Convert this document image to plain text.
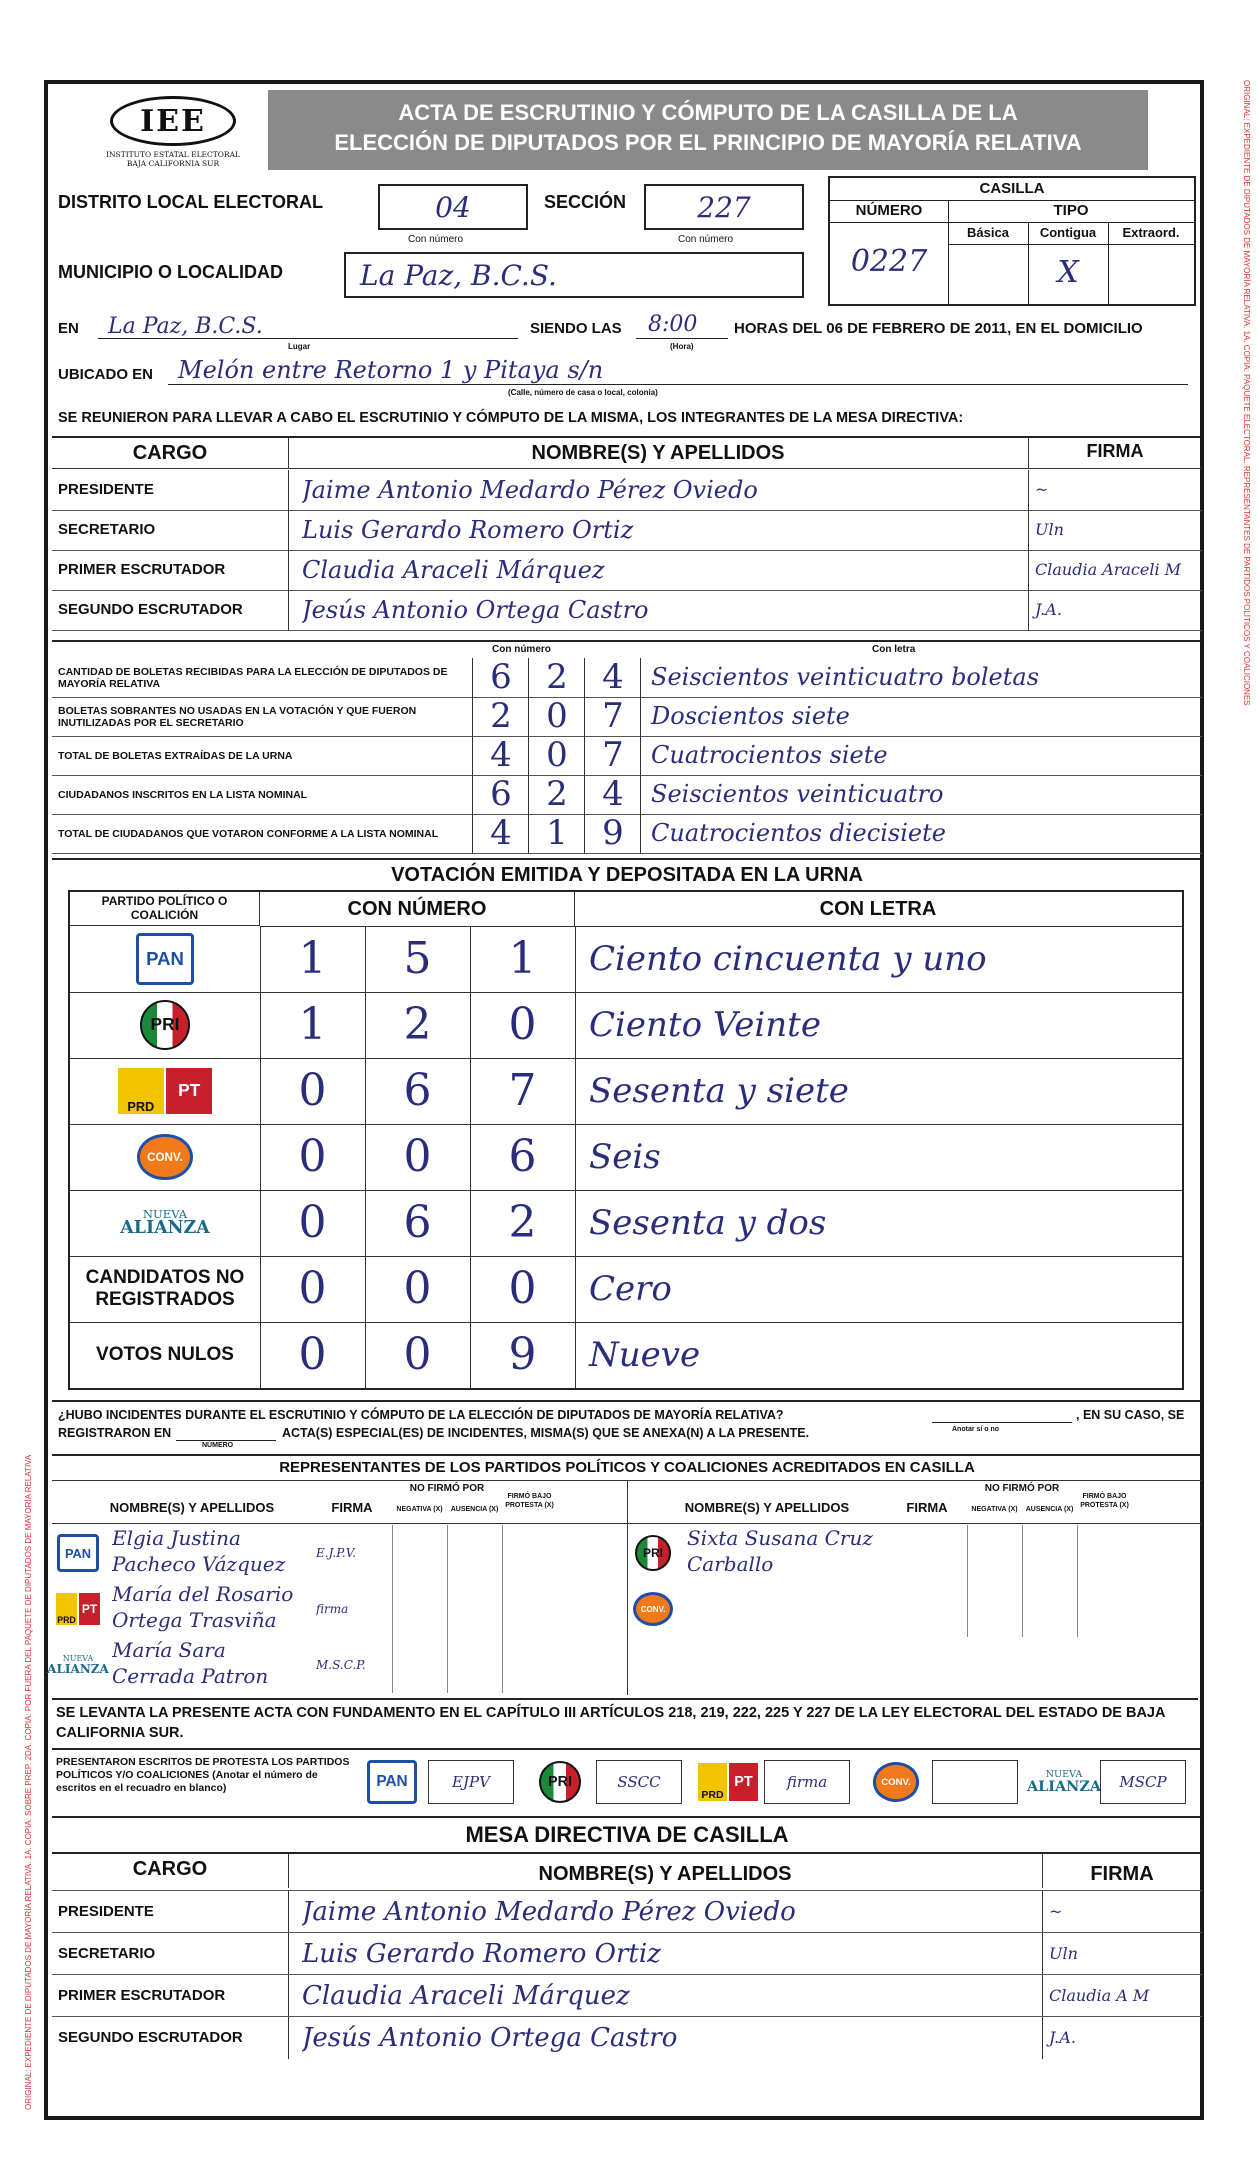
ORIGINAL: EXPEDIENTE DE DIPUTADOS DE MAYORÍA RELATIVA. 1A. COPIA: PAQUETE ELECTORAL. REPRESENTANTES DE PARTIDOS POLÍTICOS Y COALICIONES
ORIGINAL: EXPEDIENTE DE DIPUTADOS DE MAYORÍA RELATIVA. 1A. COPIA: SOBRE PREP. 2DA. COPIA: POR FUERA DEL PAQUETE DE DIPUTADOS DE MAYORÍA RELATIVA
IEE
INSTITUTO ESTATAL ELECTORAL
BAJA CALIFORNIA SUR
ACTA DE ESCRUTINIO Y CÓMPUTO DE LA CASILLA DE LA
ELECCIÓN DE DIPUTADOS POR EL PRINCIPIO DE MAYORÍA RELATIVA
DISTRITO LOCAL ELECTORAL	04
Con número
SECCIÓN	227
Con número
MUNICIPIO O LOCALIDAD	La Paz, B.C.S.
CASILLA
NÚMERO	TIPO
Básica	Contigua	Extraord.
0227	X
EN La Paz, B.C.S.
Lugar
SIENDO LAS 8:00
(Hora)
HORAS DEL 06 DE FEBRERO DE 2011, EN EL DOMICILIO
UBICADO EN Melón entre Retorno 1 y Pitaya s/n
(Calle, número de casa o local, colonia)
SE REUNIERON PARA LLEVAR A CABO EL ESCRUTINIO Y CÓMPUTO DE LA MISMA, LOS INTEGRANTES DE LA MESA DIRECTIVA:
CARGO	NOMBRE(S) Y APELLIDOS	FIRMA
PRESIDENTE	Jaime Antonio Medardo Pérez Oviedo	~
SECRETARIO	Luis Gerardo Romero Ortiz	Uln
PRIMER ESCRUTADOR	Claudia Araceli Márquez	Claudia Araceli M
SEGUNDO ESCRUTADOR	Jesús Antonio Ortega Castro	J.A.
Con número	Con letra
CANTIDAD DE BOLETAS RECIBIDAS PARA LA ELECCIÓN DE DIPUTADOS DE MAYORÍA RELATIVA	6	2	4	Seiscientos veinticuatro boletas
BOLETAS SOBRANTES NO USADAS EN LA VOTACIÓN Y QUE FUERON INUTILIZADAS POR EL SECRETARIO	2	0	7	Doscientos siete
TOTAL DE BOLETAS EXTRAÍDAS DE LA URNA	4	0	7	Cuatrocientos siete
CIUDADANOS INSCRITOS EN LA LISTA NOMINAL	6	2	4	Seiscientos veinticuatro
TOTAL DE CIUDADANOS QUE VOTARON CONFORME A LA LISTA NOMINAL	4	1	9	Cuatrocientos diecisiete
VOTACIÓN EMITIDA Y DEPOSITADA EN LA URNA
PARTIDO POLÍTICO O COALICIÓN	CON NÚMERO	CON LETRA
PAN	1	5	1	Ciento cincuenta y uno
PRI	1	2	0	Ciento Veinte
PRD
PT	0	6	7	Sesenta y siete
CONV.	0	0	6	Seis
NUEVA
ALIANZA	0	6	2	Sesenta y dos
CANDIDATOS NO REGISTRADOS	0	0	0	Cero
VOTOS NULOS	0	0	9	Nueve
¿HUBO INCIDENTES DURANTE EL ESCRUTINIO Y CÓMPUTO DE LA ELECCIÓN DE DIPUTADOS DE MAYORÍA RELATIVA?	, EN SU CASO, SE
Anotar sí o no
REGISTRARON EN
NÚMERO
ACTA(S) ESPECIAL(ES) DE INCIDENTES, MISMA(S) QUE SE ANEXA(N) A LA PRESENTE.
REPRESENTANTES DE LOS PARTIDOS POLÍTICOS Y COALICIONES ACREDITADOS EN CASILLA
NOMBRE(S) Y APELLIDOS	FIRMA
NO FIRMÓ POR
NEGATIVA (X)	AUSENCIA (X)
FIRMÓ BAJO PROTESTA (X)	NOMBRE(S) Y APELLIDOS	FIRMA
NO FIRMÓ POR
NEGATIVA (X)	AUSENCIA (X)
FIRMÓ BAJO PROTESTA (X)
PAN
Elgia Justina Pacheco Vázquez	E.J.P.V.
PRD
PT
María del Rosario Ortega Trasviña	firma
NUEVA
ALIANZA
María Sara Cerrada Patron	M.S.C.P.
PRI
Sixta Susana Cruz Carballo
CONV.
SE LEVANTA LA PRESENTE ACTA CON FUNDAMENTO EN EL CAPÍTULO III ARTÍCULOS 218, 219, 222, 225 Y 227 DE LA LEY ELECTORAL DEL ESTADO DE BAJA CALIFORNIA SUR.
PRESENTARON ESCRITOS DE PROTESTA LOS PARTIDOS POLÍTICOS Y/O COALICIONES (Anotar el número de escritos en el recuadro en blanco)	PAN	EJPV	PRI	SSCC
PRD
PT	firma	CONV.
NUEVA
ALIANZA	MSCP
MESA DIRECTIVA DE CASILLA
CARGO	NOMBRE(S) Y APELLIDOS	FIRMA
PRESIDENTE	Jaime Antonio Medardo Pérez Oviedo	~
SECRETARIO	Luis Gerardo Romero Ortiz	Uln
PRIMER ESCRUTADOR	Claudia Araceli Márquez	Claudia A M
SEGUNDO ESCRUTADOR	Jesús Antonio Ortega Castro	J.A.
